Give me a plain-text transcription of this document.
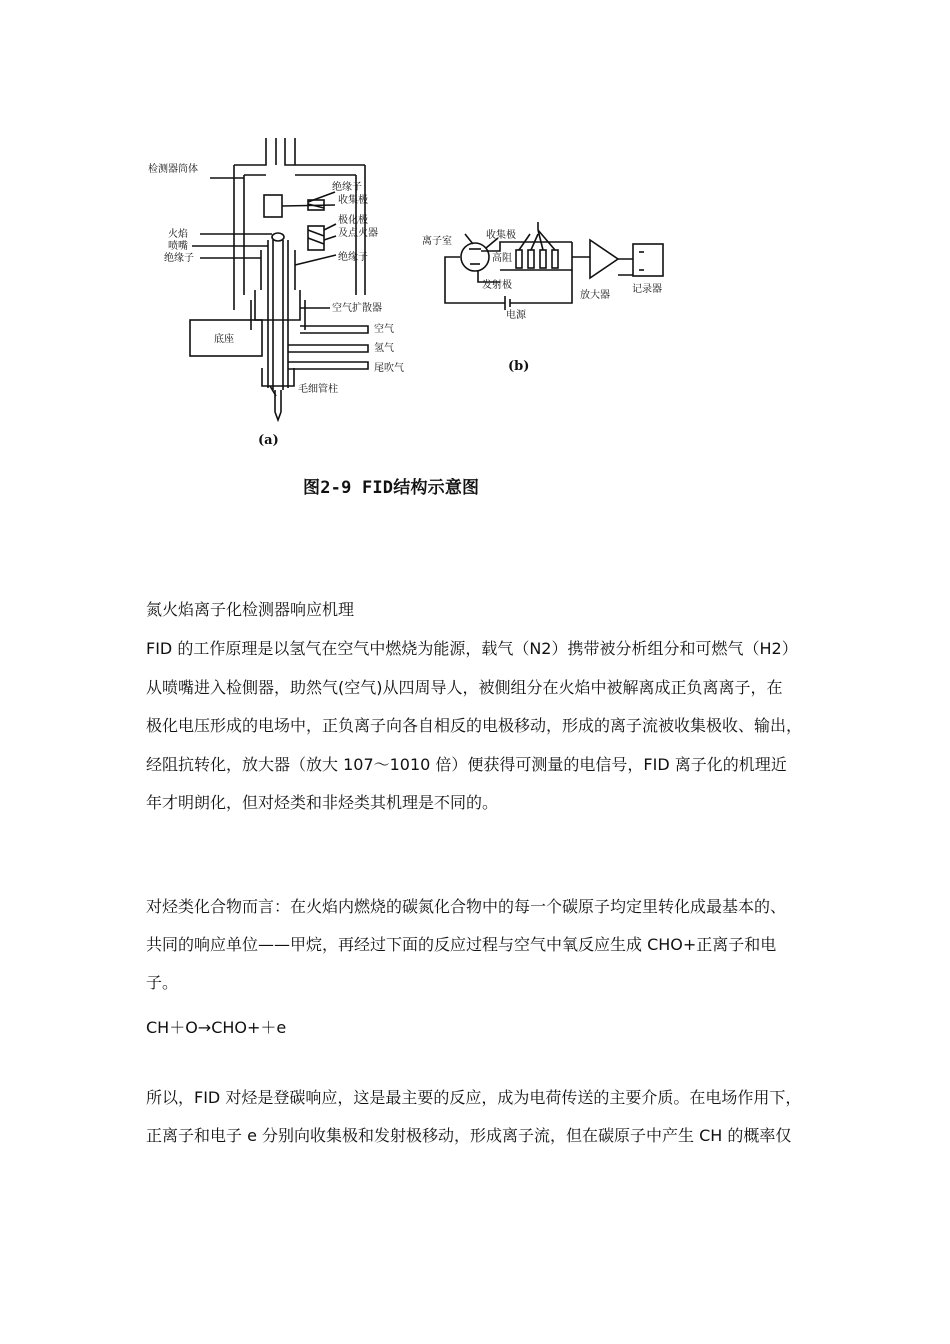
检测器筒体
绝缘子
收集极
火焰
极化极
喷嘴
及点火器
绝缘子	绝缘子
空气扩散器
底座
空气
氢气
尾吹气
毛细管柱
(a)
离子室
收集极
高阻
发射极
电源
放大器
记录器
(b)
图2-9 FID结构示意图

氮火焰离子化检测器响应机理

FID 的工作原理是以氢气在空气中燃烧为能源，载气（N2）携带被分析组分和可燃气（H2）

从喷嘴进入检側器，助然气(空气)从四周导人，被側组分在火焰中被解离成正负离离子，在

极化电压形成的电场中，正负离子向各自相反的电极移动，形成的离子流被收集极收、输出，

经阻抗转化，放大器（放大 107～1010 倍）便获得可测量的电信号，FID 离子化的机理近

年才明朗化，但对烃类和非烃类其机理是不同的。

对烃类化合物而言：在火焰内燃烧的碳氮化合物中的每一个碳原子均定里转化成最基本的、

共同的响应单位——甲烷，再经过下面的反应过程与空气中氧反应生成 CHO+正离子和电

子。

CH＋O→CHO+＋e

所以，FID 对烃是登碳响应，这是最主要的反应，成为电荷传送的主要介质。在电场作用下，

正离子和电子 e 分别向收集极和发射极移动，形成离子流，但在碳原子中产生 CH 的概率仅
